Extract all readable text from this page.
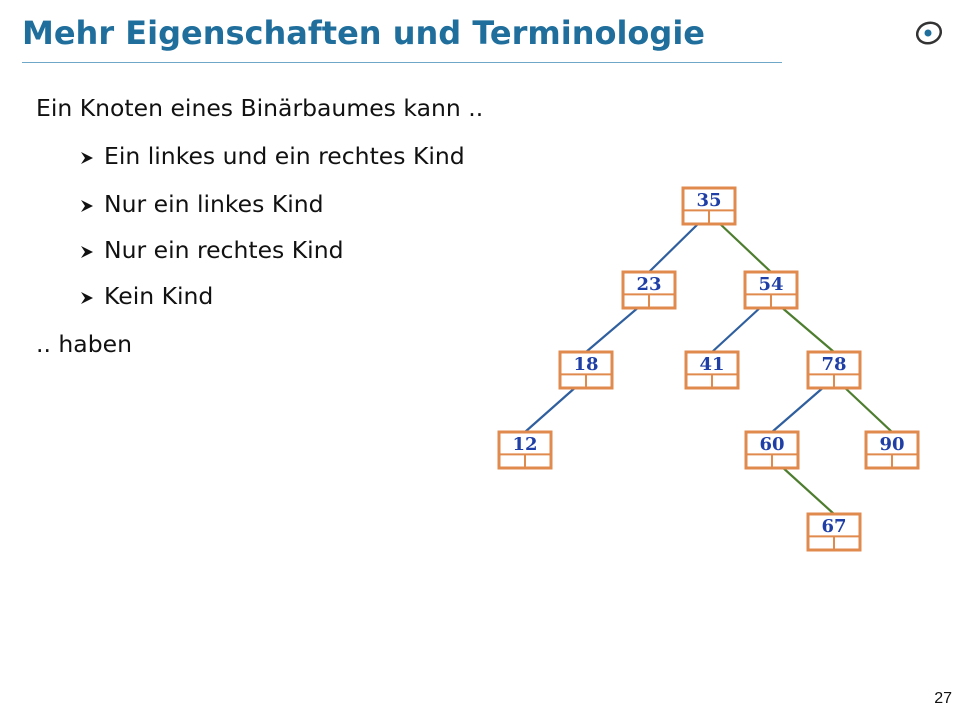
Mehr Eigenschaften und Terminologie
Ein Knoten eines Binärbaumes kann ..
Ein linkes und ein rechtes Kind
Nur ein linkes Kind
Nur ein rechtes Kind
Kein Kind
.. haben
35
23	54
18	41	78
12	60	90
67
27
